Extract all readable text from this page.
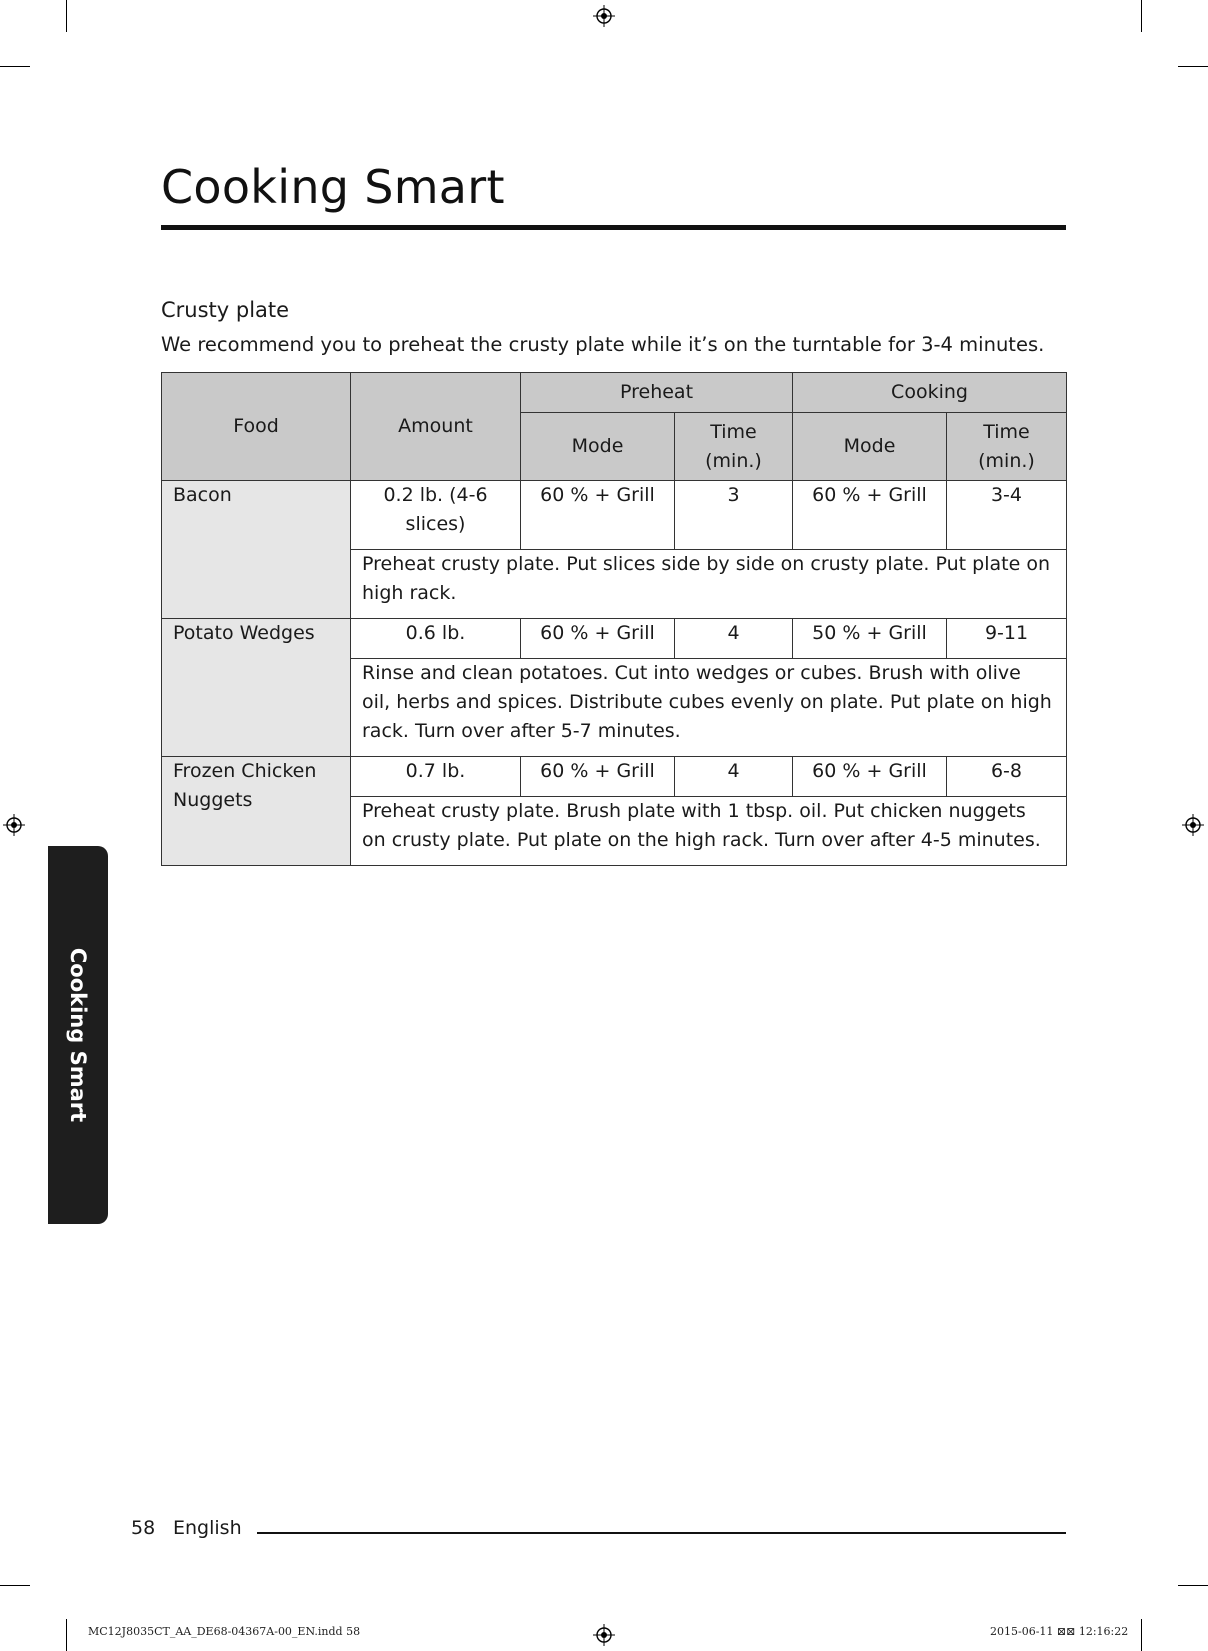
Cooking Smart
Crusty plate
We recommend you to preheat the crusty plate while it’s on the turntable for 3-4 minutes.
Food	Amount	Preheat		Cooking	
		Mode	Time (min.)	Mode	Time (min.)
Bacon	0.2 lb. (4-6 slices)	60 % + Grill	3	60 % + Grill	3-4
	Preheat crusty plate. Put slices side by side on crusty plate. Put plate on high rack.				
Potato Wedges	0.6 lb.	60 % + Grill	4	50 % + Grill	9-11
	Rinse and clean potatoes. Cut into wedges or cubes. Brush with olive oil, herbs and spices. Distribute cubes evenly on plate. Put plate on high rack. Turn over after 5-7 minutes.				
Frozen Chicken Nuggets	0.7 lb.	60 % + Grill	4	60 % + Grill	6-8
	Preheat crusty plate. Brush plate with 1 tbsp. oil. Put chicken nuggets on crusty plate. Put plate on the high rack. Turn over after 4-5 minutes.				
Cooking Smart
58 English
MC12J8035CT_AA_DE68-04367A-00_EN.indd 58	2015-06-11 ⊠⊠ 12:16:22
